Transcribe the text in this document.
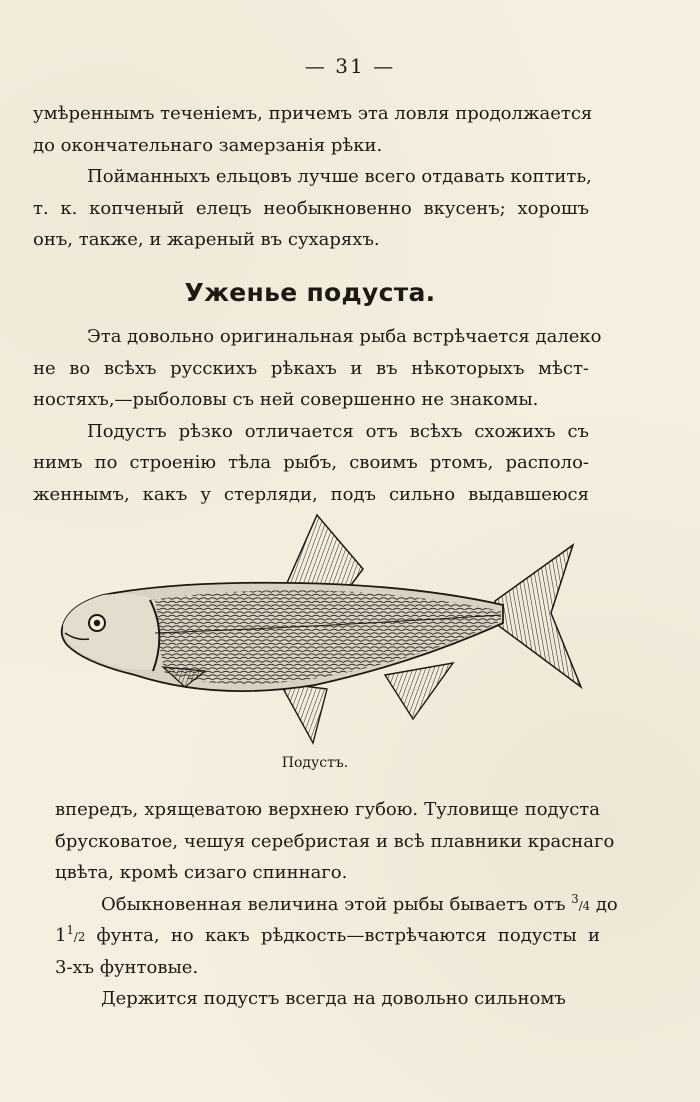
— 31 —
умѣреннымъ теченіемъ, причемъ эта ловля продолжается
до окончательнаго замерзанія рѣки.
Пойманныхъ ельцовъ лучше всего отдавать коптить,
т. к. копченый елецъ необыкновенно вкусенъ; хорошъ
онъ, также, и жареный въ сухаряхъ.
Уженье подуста.
Эта довольно оригинальная рыба встрѣчается далеко
не во всѣхъ русскихъ рѣкахъ и въ нѣкоторыхъ мѣст-
ностяхъ,—рыболовы съ ней совершенно не знакомы.
Подустъ рѣзко отличается отъ всѣхъ схожихъ съ
нимъ по строенію тѣла рыбъ, своимъ ртомъ, располо-
женнымъ, какъ у стерляди, подъ сильно выдавшеюся
Подустъ.
впередъ, хрящеватою верхнею губою. Туловище подуста
брусковатое, чешуя серебристая и всѣ плавники краснаго
цвѣта, кромѣ сизаго спиннаго.
Обыкновенная величина этой рыбы бываетъ отъ $^3$/4 до
$1^1/2$ фунта, но какъ рѣдкость—встрѣчаются подусты и
3-хъ фунтовые.
Держится подустъ всегда на довольно сильномъ
